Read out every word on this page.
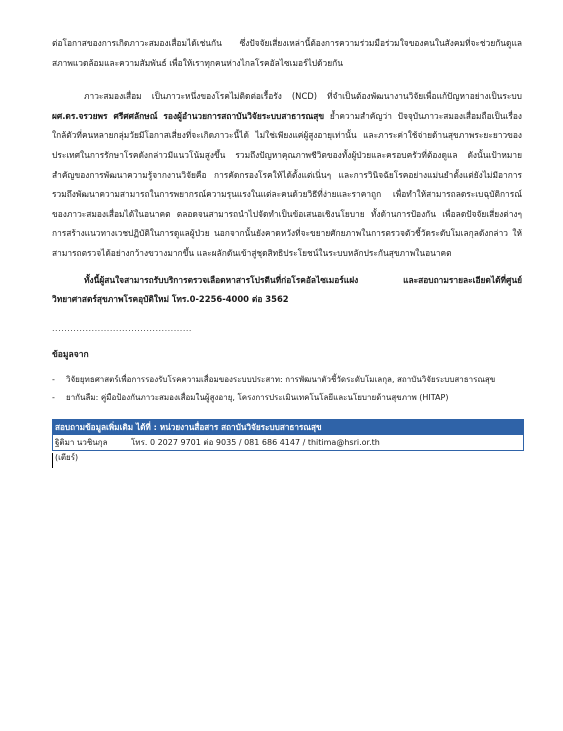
ต่อโอกาสของการเกิดภาวะสมองเสื่อมได้เช่นกัน ซึ่งปัจจัยเสี่ยงเหล่านี้ต้องการความร่วมมือร่วมใจของคนในสังคมที่จะช่วยกันดูแลสภาพแวดล้อมและความสัมพันธ์ เพื่อให้เราทุกคนห่างไกลโรคอัลไซเมอร์ไปด้วยกัน

ภาวะสมองเสื่อม เป็นภาวะหนึ่งของโรคไม่ติดต่อเรื้อรัง (NCD) ที่จำเป็นต้องพัฒนางานวิจัยเพื่อแก้ปัญหาอย่างเป็นระบบ ผศ.ดร.จรวยพร ศรีศศลักษณ์ รองผู้อำนวยการสถาบันวิจัยระบบสาธารณสุข ย้ำความสำคัญว่า ปัจจุบันภาวะสมองเสื่อมถือเป็นเรื่องใกล้ตัวที่คนหลายกลุ่มวัยมีโอกาสเสี่ยงที่จะเกิดภาวะนี้ได้ ไม่ใช่เพียงแค่ผู้สูงอายุเท่านั้น และภาระค่าใช้จ่ายด้านสุขภาพระยะยาวของประเทศในการรักษาโรคดังกล่าวมีแนวโน้มสูงขึ้น รวมถึงปัญหาคุณภาพชีวิตของทั้งผู้ป่วยและครอบครัวที่ต้องดูแล ดังนั้นเป้าหมายสำคัญของการพัฒนาความรู้จากงานวิจัยคือ การคัดกรองโรคให้ได้ตั้งแต่เนิ่นๆ และการวินิจฉัยโรคอย่างแม่นยำตั้งแต่ยังไม่มีอาการ รวมถึงพัฒนาความสามารถในการพยากรณ์ความรุนแรงในแต่ละคนด้วยวิธีที่ง่ายและราคาถูก เพื่อทำให้สามารถลดระเบฉุบัติการณ์ของภาวะสมองเสื่อมได้ในอนาคต ตลอดจนสามารถนำไปจัดทำเป็นข้อเสนอเชิงนโยบาย ทั้งด้านการป้องกัน เพื่อลดปัจจัยเสี่ยงต่างๆ การสร้างแนวทางเวชปฏิบัติในการดูแลผู้ป่วย นอกจากนั้นยังคาดหวังที่จะขยายศักยภาพในการตรวจตัวชี้วัดระดับโมเลกุลดังกล่าว ให้สามารถตรวจได้อย่างกว้างขวางมากขึ้น และผลักดันเข้าสู่ชุดสิทธิประโยชน์ในระบบหลักประกันสุขภาพในอนาคต

ทั้งนี้ผู้สนใจสามารถรับบริการตรวจเลือดหาสารโปรตีนที่ก่อโรคอัลไซเมอร์แฝง และสอบถามรายละเอียดได้ที่ศูนย์วิทยาศาสตร์สุขภาพโรคอุบัติใหม่ โทร.0-2256-4000 ต่อ 3562

..............................................
ข้อมูลจาก
-	วิจัยยุทธศาสตร์เพื่อการรองรับโรคความเสื่อมของระบบประสาท: การพัฒนาตัวชี้วัดระดับโมเลกุล, สถาบันวิจัยระบบสาธารณสุข
-	ยากันลืม: คู่มือป้องกันภาวะสมองเสื่อมในผู้สูงอายุ, โครงการประเมินเทคโนโลยีและนโยบายด้านสุขภาพ (HITAP)
สอบถามข้อมูลเพิ่มเติม ได้ที่ : หน่วยงานสื่อสาร สถาบันวิจัยระบบสาธารณสุข
ฐิติมา นวชินกุล (เตียร์)
โทร. 0 2027 9701 ต่อ 9035 / 081 686 4147 / thitima@hsri.or.th
